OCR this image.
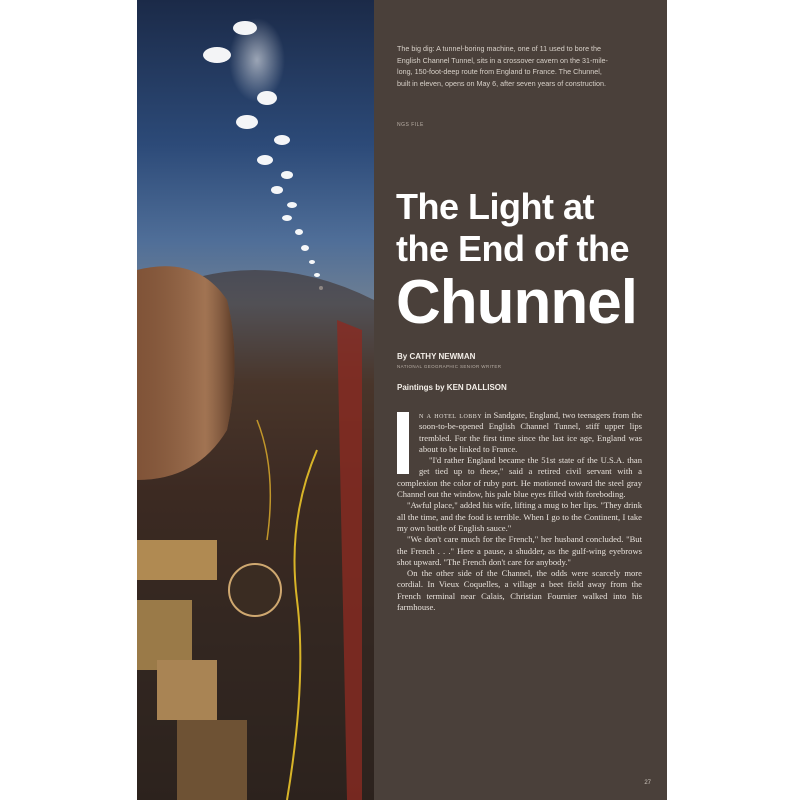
The big dig: A tunnel-boring machine, one of 11 used to bore the English Channel Tunnel, sits in a crossover cavern on the 31-mile-long, 150-foot-deep route from England to France. The Chunnel, built in eleven, opens on May 6, after seven years of construction.
NGS FILE
The Light at
the End of the
Chunnel
By CATHY NEWMAN
NATIONAL GEOGRAPHIC SENIOR WRITER
Paintings by KEN DALLISON

n a hotel lobby in Sandgate, England, two teenagers from the soon-to-be-opened English Channel Tunnel, stiff upper lips trembled. For the first time since the last ice age, England was about to be linked to France.

"I'd rather England became the 51st state of the U.S.A. than get tied up to these," said a retired civil servant with a complexion the color of ruby port. He motioned toward the steel gray Channel out the window, his pale blue eyes filled with foreboding.

"Awful place," added his wife, lifting a mug to her lips. "They drink all the time, and the food is terrible. When I go to the Continent, I take my own bottle of English sauce."

"We don't care much for the French," her husband concluded. "But the French . . ." Here a pause, a shudder, as the gulf-wing eyebrows shot upward. "The French don't care for anybody."

On the other side of the Channel, the odds were scarcely more cordial. In Vieux Coquelles, a village a beet field away from the French terminal near Calais, Christian Fournier walked into his farmhouse.

27
